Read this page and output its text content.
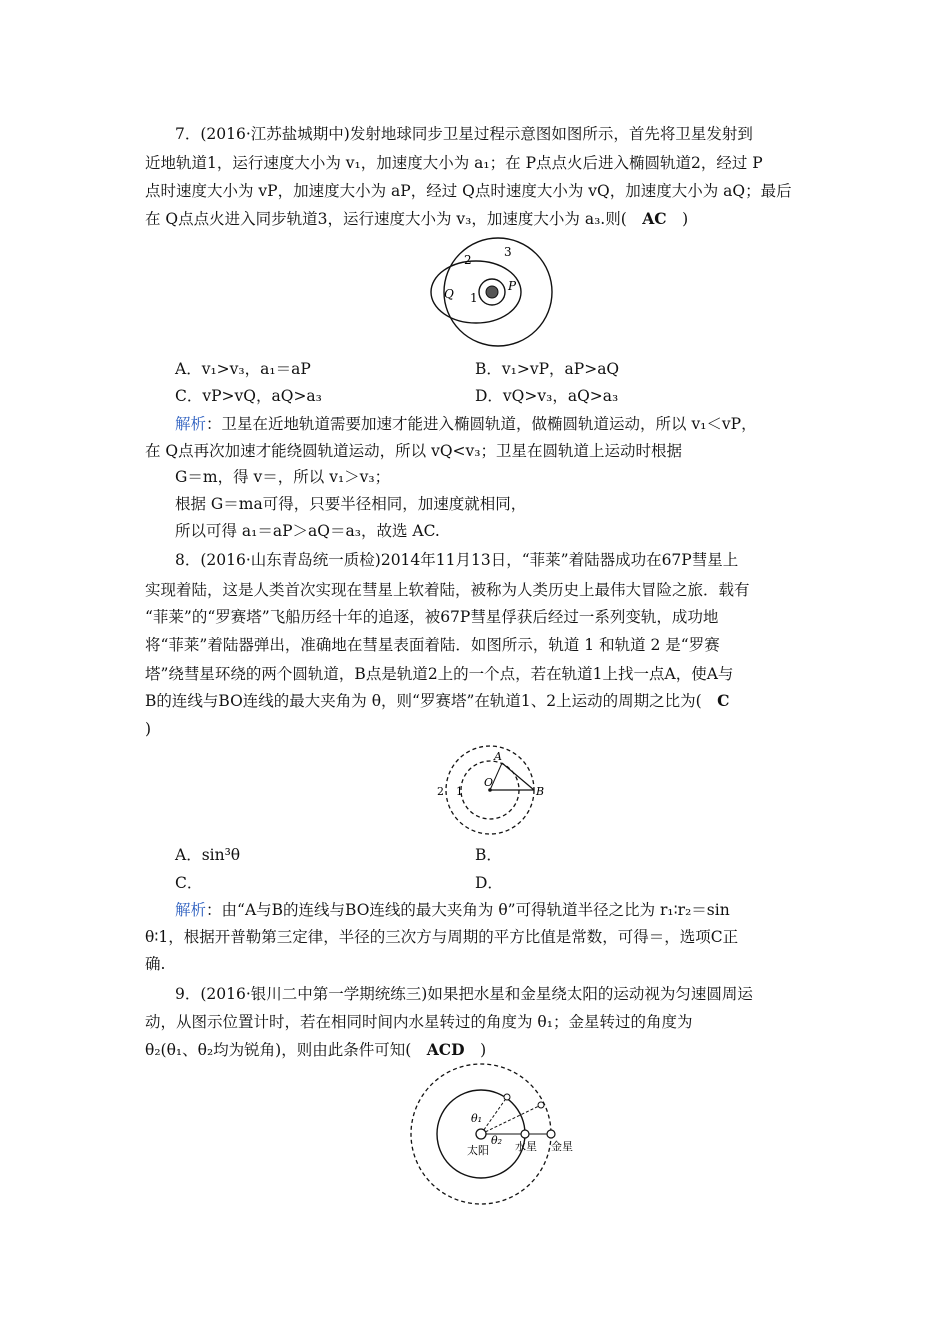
7．(2016·江苏盐城期中)发射地球同步卫星过程示意图如图所示，首先将卫星发射到
近地轨道1，运行速度大小为 v₁，加速度大小为 a₁；在 P点点火后进入椭圆轨道2，经过 P
点时速度大小为 vP，加速度大小为 aP，经过 Q点时速度大小为 vQ，加速度大小为 aQ；最后
在 Q点点火进入同步轨道3，运行速度大小为 v₃，加速度大小为 a₃.则(　AC　)
2
3
Q 1
P
A．v₁>v₃，a₁＝aP	B．v₁>vP，aP>aQ
C．vP>vQ，aQ>a₃	D．vQ>v₃，aQ>a₃
解析：卫星在近地轨道需要加速才能进入椭圆轨道，做椭圆轨道运动，所以 v₁＜vP，
在 Q点再次加速才能绕圆轨道运动，所以 vQ<v₃；卫星在圆轨道上运动时根据
G＝m，得 v＝，所以 v₁＞v₃；
根据 G＝ma可得，只要半径相同，加速度就相同，
所以可得 a₁＝aP＞aQ＝a₃，故选 AC.
8．(2016·山东青岛统一质检)2014年11月13日，“菲莱”着陆器成功在67P彗星上
实现着陆，这是人类首次实现在彗星上软着陆，被称为人类历史上最伟大冒险之旅．载有
“菲莱”的“罗赛塔”飞船历经十年的追逐，被67P彗星俘获后经过一系列变轨，成功地
将“菲莱”着陆器弹出，准确地在彗星表面着陆．如图所示，轨道 1 和轨道 2 是“罗赛
塔”绕彗星环绕的两个圆轨道，B点是轨道2上的一个点，若在轨道1上找一点A，使A与
B的连线与BO连线的最大夹角为 θ，则“罗赛塔”在轨道1、2上运动的周期之比为(　C
)
A
O
2 1	B
A．sin³θ	B．
C．	D．
解析：由“A与B的连线与BO连线的最大夹角为 θ”可得轨道半径之比为 r₁∶r₂＝sin
θ∶1，根据开普勒第三定律，半径的三次方与周期的平方比值是常数，可得＝，选项C正
确.
9．(2016·银川二中第一学期统练三)如果把水星和金星绕太阳的运动视为匀速圆周运
动，从图示位置计时，若在相同时间内水星转过的角度为 θ₁；金星转过的角度为
θ₂(θ₁、θ₂均为锐角)，则由此条件可知(　ACD　)
θ₁
θ₂
太阳 水星 金星
